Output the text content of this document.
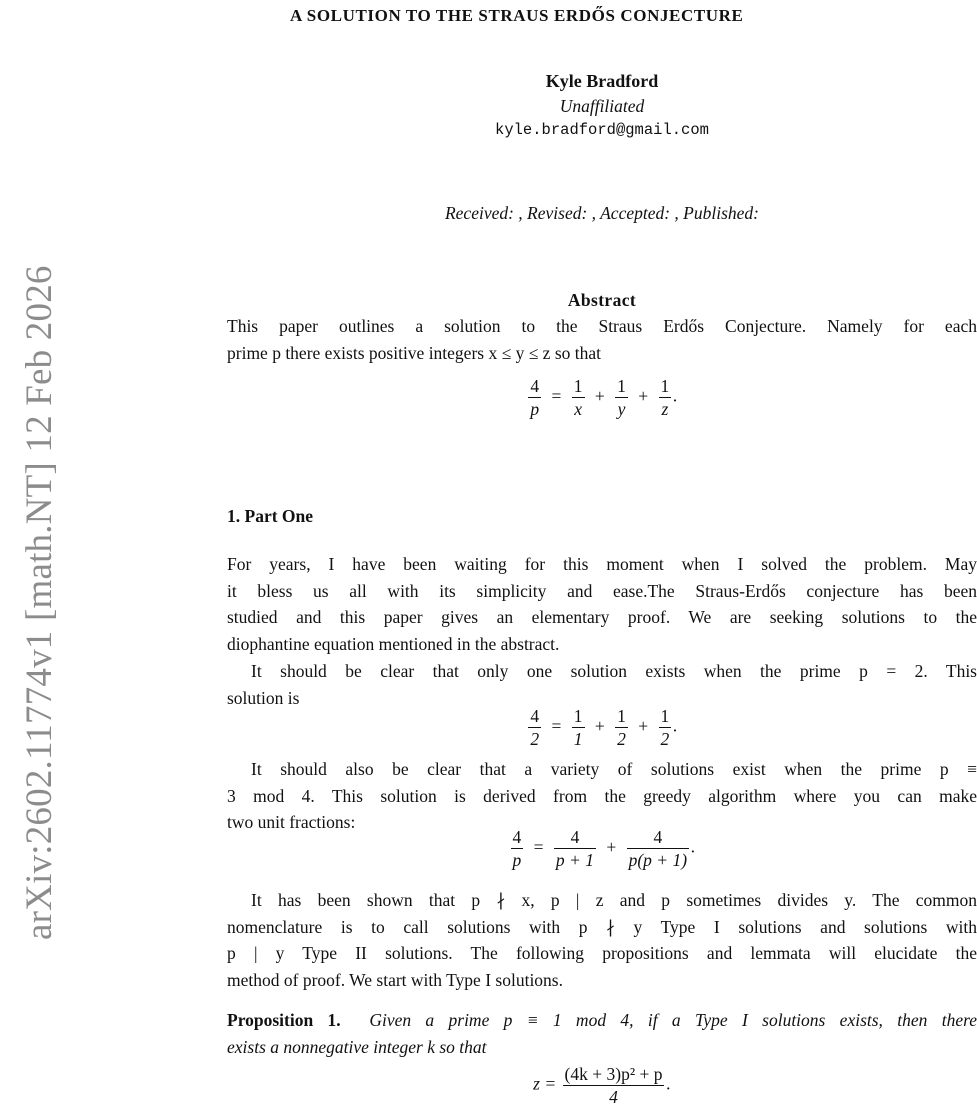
arXiv:2602.11774v1 [math.NT] 12 Feb 2026
A SOLUTION TO THE STRAUS ERDŐS CONJECTURE
Kyle Bradford
Unaffiliated
kyle.bradford@gmail.com
Received: , Revised: , Accepted: , Published:
Abstract
This paper outlines a solution to the Straus Erdős Conjecture. Namely for each
prime p there exists positive integers x ≤ y ≤ z so that
$\frac{4}{p} = \frac{1}{x} + \frac{1}{y} + \frac{1}{z}$ .
1. Part One
For years, I have been waiting for this moment when I solved the problem. May
it bless us all with its simplicity and ease.The Straus-Erdős conjecture has been
studied and this paper gives an elementary proof. We are seeking solutions to the
diophantine equation mentioned in the abstract.
It should be clear that only one solution exists when the prime p = 2. This
solution is
$\frac{4}{2} = \frac{1}{1} + \frac{1}{2} + \frac{1}{2}$ .
It should also be clear that a variety of solutions exist when the prime p ≡
3 mod 4. This solution is derived from the greedy algorithm where you can make
two unit fractions:
$\frac{4}{p} = \frac{4}{p + 1} + \frac{4}{p(p + 1)}$ .
It has been shown that p ∤ x, p | z and p sometimes divides y. The common
nomenclature is to call solutions with p ∤ y Type I solutions and solutions with
p | y Type II solutions. The following propositions and lemmata will elucidate the
method of proof. We start with Type I solutions.
Proposition 1. Given a prime p ≡ 1 mod 4, if a Type I solutions exists, then there
exists a nonnegative integer k so that
$z = \frac{\text{(4k + 3)p² + p}}{4}$ .
